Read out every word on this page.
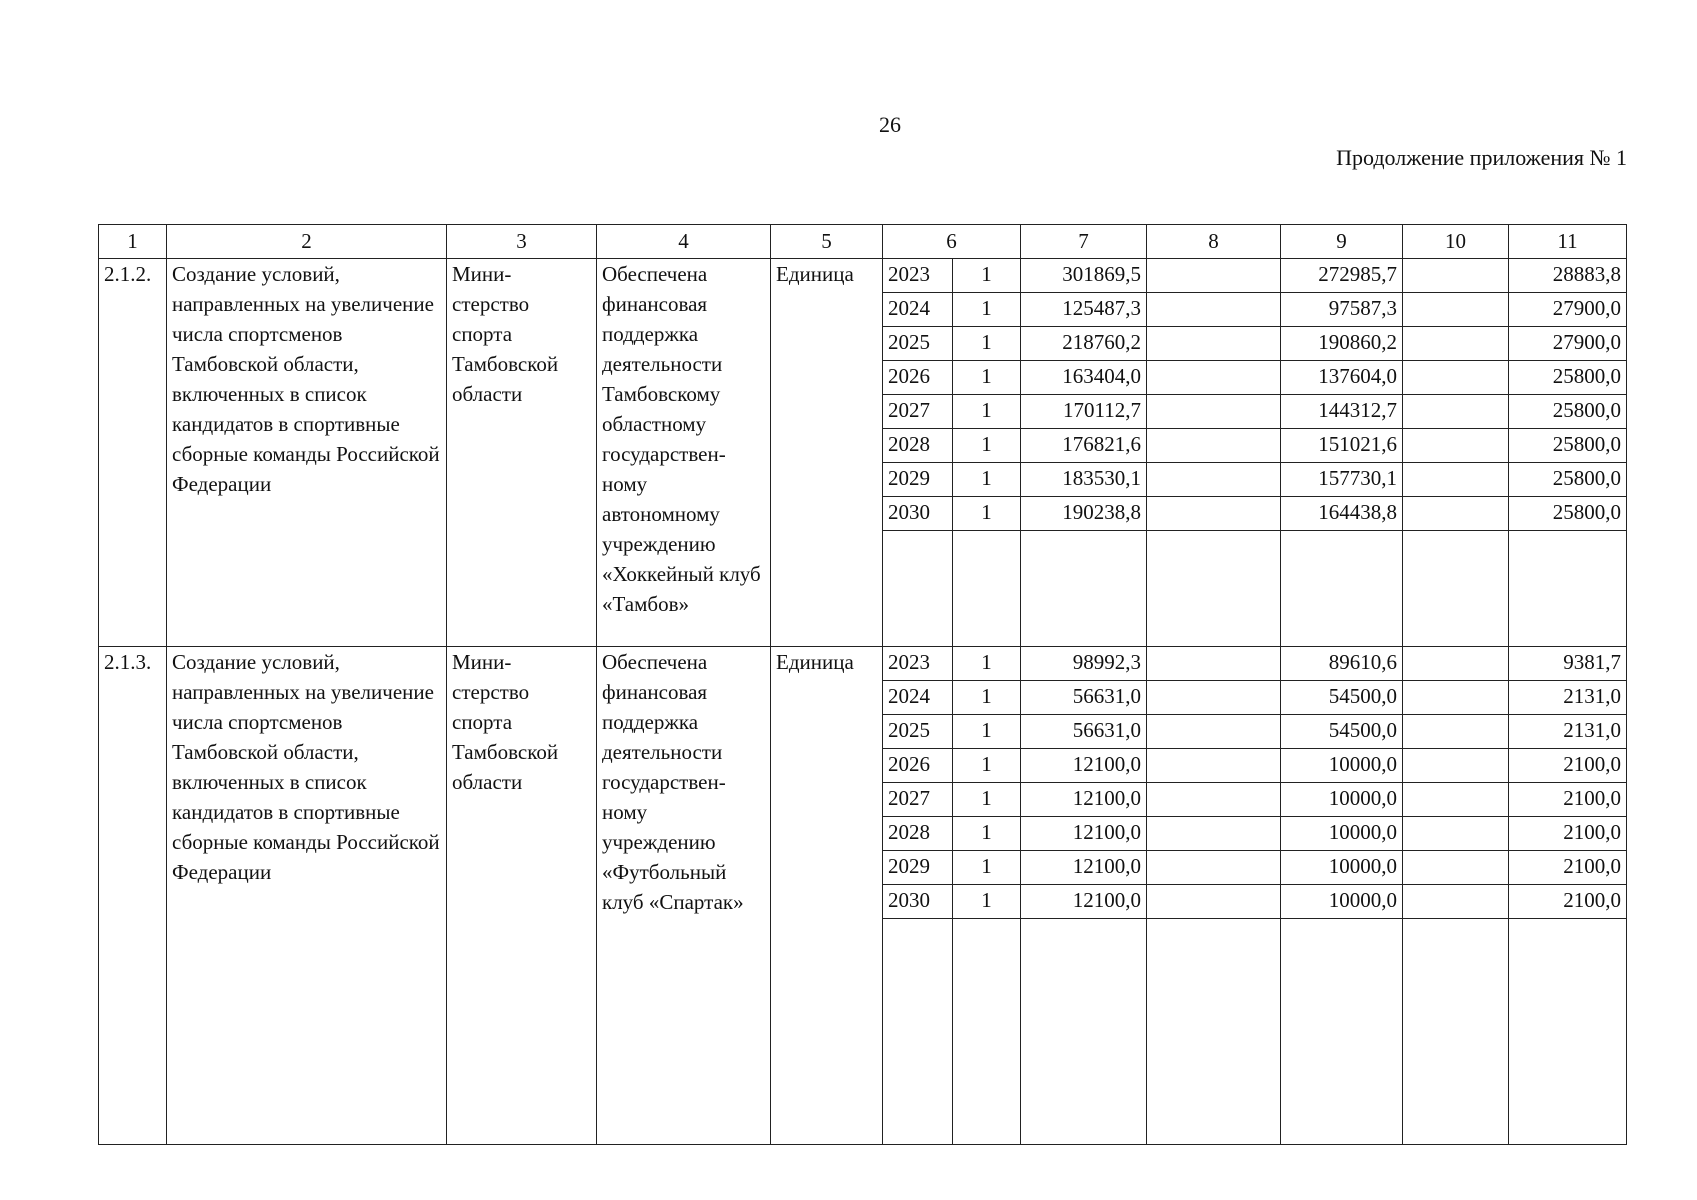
26
Продолжение приложения № 1
1	2	3	4	5	6		7	8	9	10	11
2.1.2.	Создание условий, направленных на увеличение числа спортсменов Тамбовской области, включенных в список кандидатов в спортивные сборные команды Российской Федерации	Мини- стерство спорта Тамбовской области	Обеспечена финансовая поддержка деятельности Тамбовскому областному государствен- ному автономному учреждению «Хоккейный клуб «Тамбов»	Единица	2023	1	301869,5		272985,7		28883,8
					2024	1	125487,3		97587,3		27900,0
					2025	1	218760,2		190860,2		27900,0
					2026	1	163404,0		137604,0		25800,0
					2027	1	170112,7		144312,7		25800,0
					2028	1	176821,6		151021,6		25800,0
					2029	1	183530,1		157730,1		25800,0
					2030	1	190238,8		164438,8		25800,0

2.1.3.	Создание условий, направленных на увеличение числа спортсменов Тамбовской области, включенных в список кандидатов в спортивные сборные команды Российской Федерации	Мини- стерство спорта Тамбовской области	Обеспечена финансовая поддержка деятельности государствен- ному учреждению «Футбольный клуб «Спартак»	Единица	2023	1	98992,3		89610,6		9381,7
					2024	1	56631,0		54500,0		2131,0
					2025	1	56631,0		54500,0		2131,0
					2026	1	12100,0		10000,0		2100,0
					2027	1	12100,0		10000,0		2100,0
					2028	1	12100,0		10000,0		2100,0
					2029	1	12100,0		10000,0		2100,0
					2030	1	12100,0		10000,0		2100,0
